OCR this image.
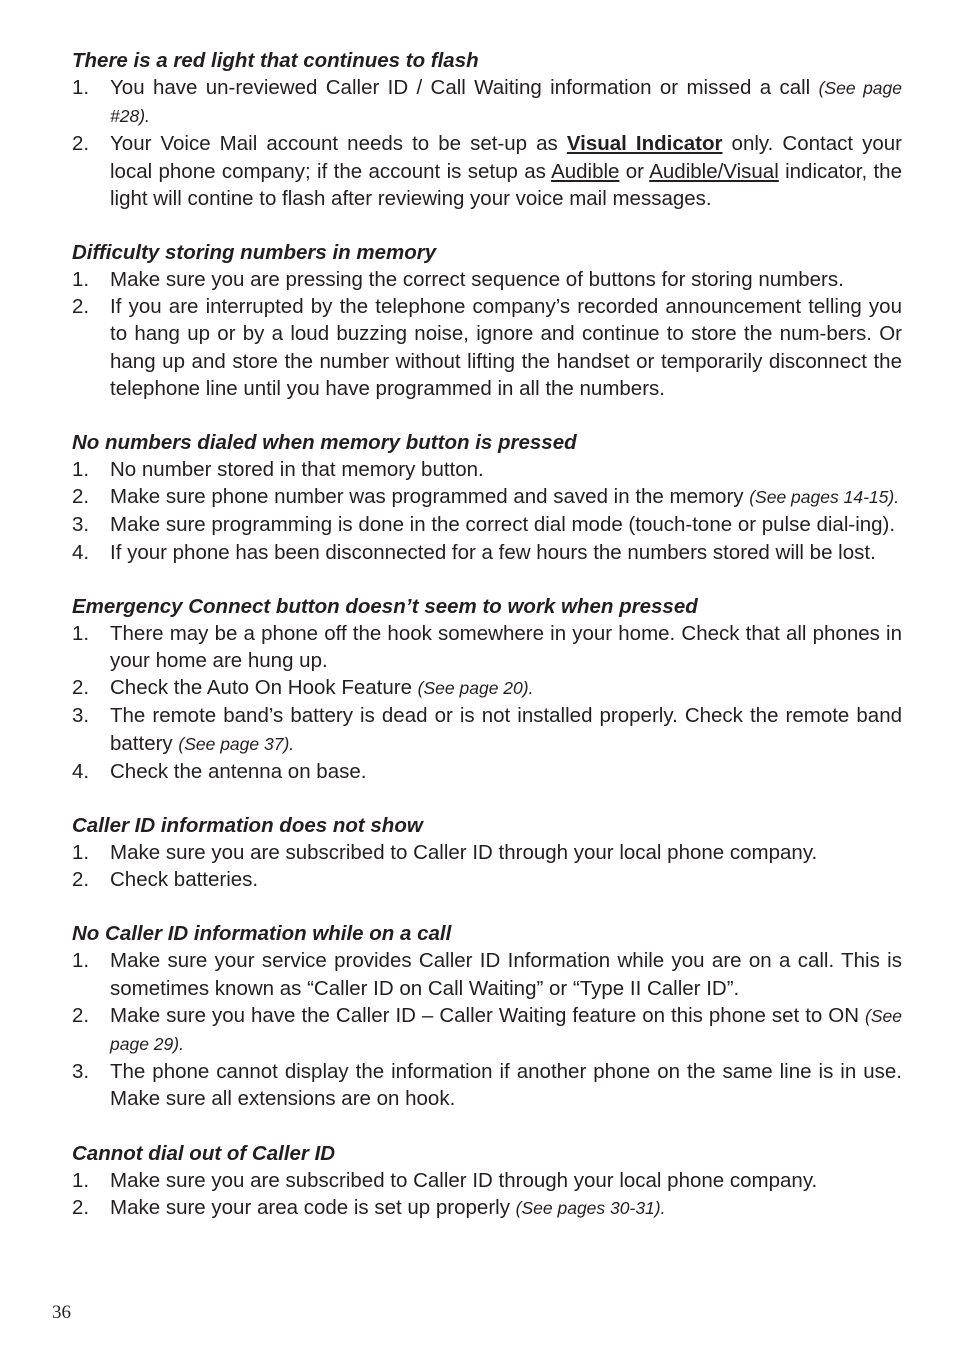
There is a red light that continues to flash

1. You have un-reviewed Caller ID / Call Waiting information or missed a call (See page #28).
2. Your Voice Mail account needs to be set-up as Visual Indicator only. Contact your local phone company; if the account is setup as Audible or Audible/Visual indicator, the light will contine to flash after reviewing your voice mail messages.

Difficulty storing numbers in memory

1. Make sure you are pressing the correct sequence of buttons for storing numbers.
2. If you are interrupted by the telephone company’s recorded announcement telling you to hang up or by a loud buzzing noise, ignore and continue to store the num-bers. Or hang up and store the number without lifting the handset or temporarily disconnect the telephone line until you have programmed in all the numbers.

No numbers dialed when memory button is pressed

1. No number stored in that memory button.
2. Make sure phone number was programmed and saved in the memory (See pages 14-15).
3. Make sure programming is done in the correct dial mode (touch-tone or pulse dial-ing).
4. If your phone has been disconnected for a few hours the numbers stored will be lost.

Emergency Connect button doesn’t seem to work when pressed

1. There may be a phone off the hook somewhere in your home. Check that all phones in your home are hung up.
2. Check the Auto On Hook Feature (See page 20).
3. The remote band’s battery is dead or is not installed properly. Check the remote band battery (See page 37).
4. Check the antenna on base.

Caller ID information does not show

1. Make sure you are subscribed to Caller ID through your local phone company.
2. Check batteries.

No Caller ID information while on a call

1. Make sure your service provides Caller ID Information while you are on a call. This is sometimes known as “Caller ID on Call Waiting” or “Type II Caller ID”.
2. Make sure you have the Caller ID – Caller Waiting feature on this phone set to ON (See page 29).
3. The phone cannot display the information if another phone on the same line is in use. Make sure all extensions are on hook.

Cannot dial out of Caller ID

1. Make sure you are subscribed to Caller ID through your local phone company.
2. Make sure your area code is set up properly (See pages 30-31).
36
